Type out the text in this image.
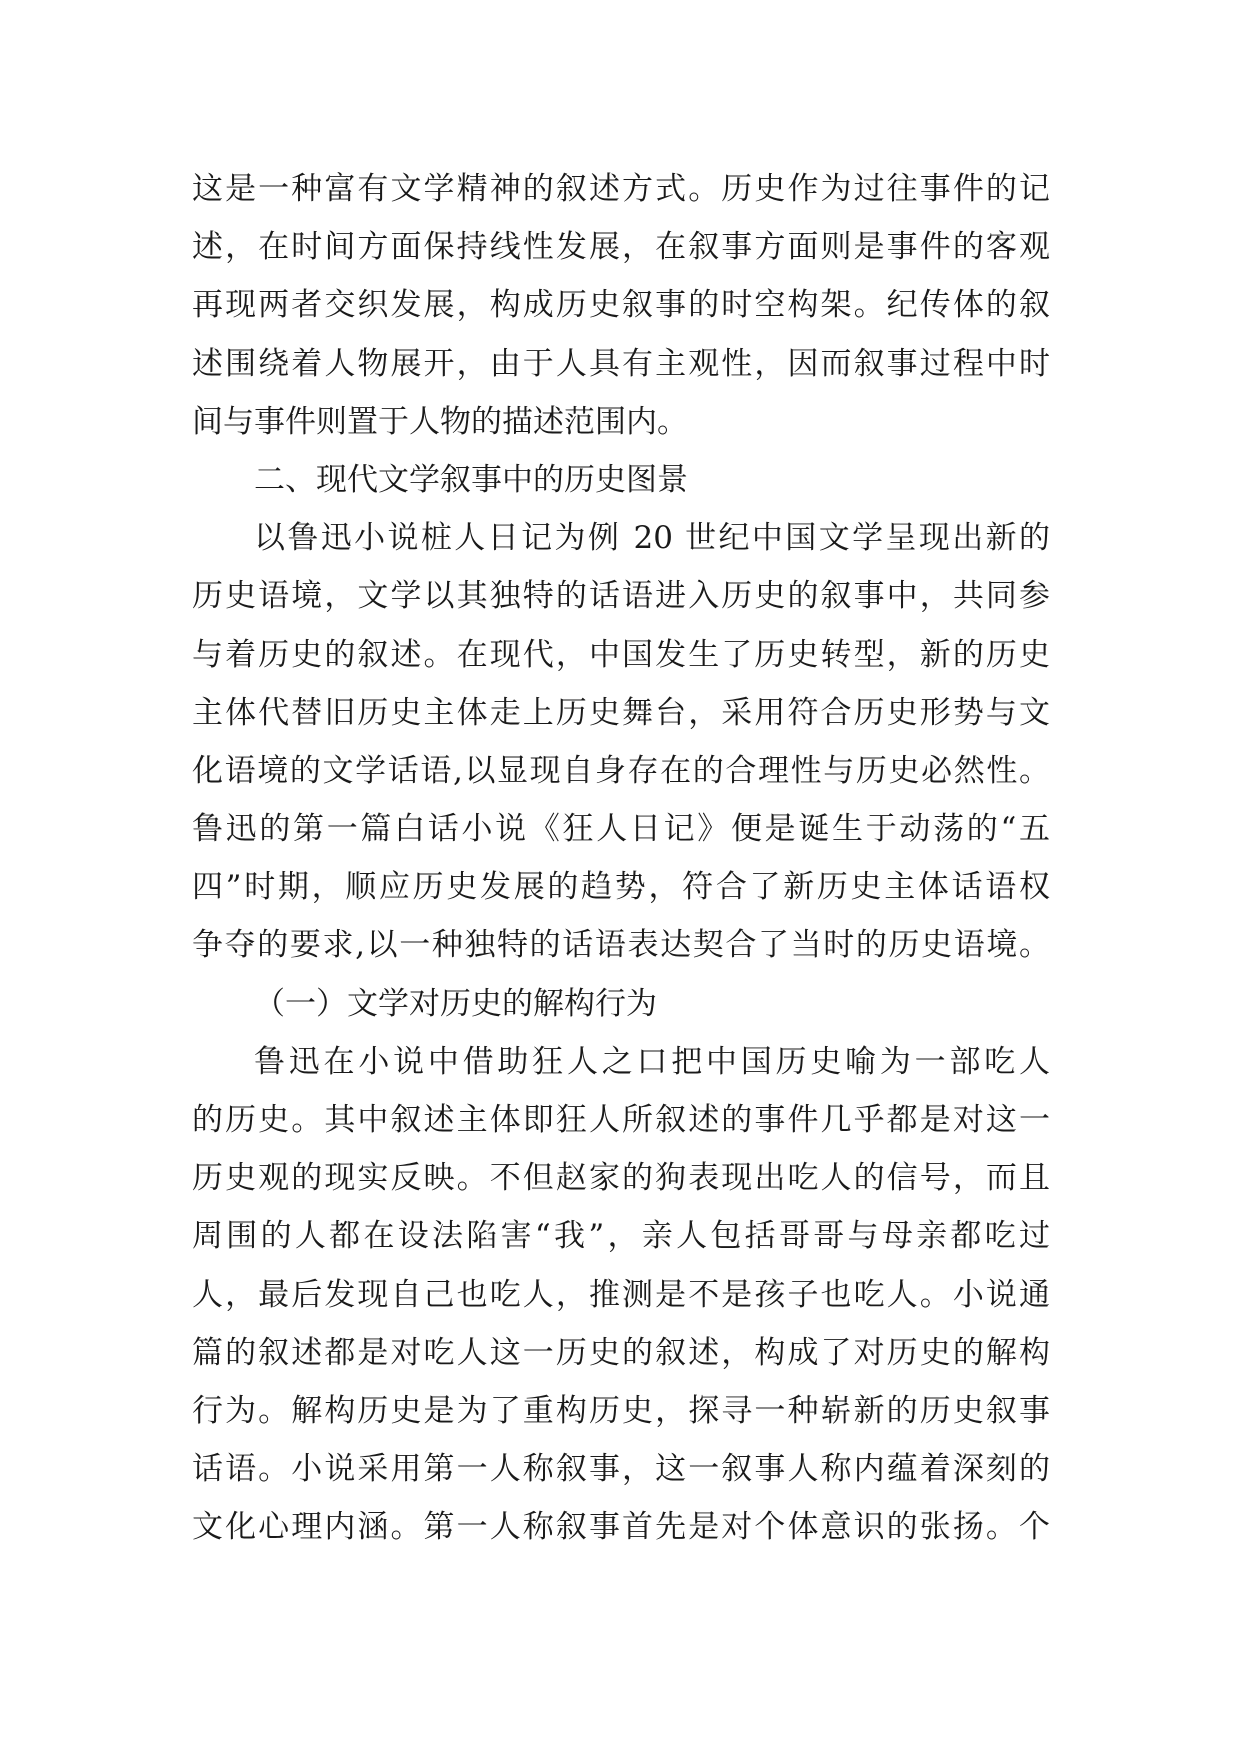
这是一种富有文学精神的叙述方式。历史作为过往事件的记
述，在时间方面保持线性发展，在叙事方面则是事件的客观
再现两者交织发展，构成历史叙事的时空构架。纪传体的叙
述围绕着人物展开，由于人具有主观性，因而叙事过程中时
间与事件则置于人物的描述范围内。
二、现代文学叙事中的历史图景
以鲁迅小说桩人日记为例 20 世纪中国文学呈现出新的
历史语境，文学以其独特的话语进入历史的叙事中，共同参
与着历史的叙述。在现代，中国发生了历史转型，新的历史
主体代替旧历史主体走上历史舞台，采用符合历史形势与文
化语境的文学话语,以显现自身存在的合理性与历史必然性。
鲁迅的第一篇白话小说《狂人日记》便是诞生于动荡的“五
四”时期，顺应历史发展的趋势，符合了新历史主体话语权
争夺的要求,以一种独特的话语表达契合了当时的历史语境。
（一）文学对历史的解构行为
鲁迅在小说中借助狂人之口把中国历史喻为一部吃人
的历史。其中叙述主体即狂人所叙述的事件几乎都是对这一
历史观的现实反映。不但赵家的狗表现出吃人的信号，而且
周围的人都在设法陷害“我”，亲人包括哥哥与母亲都吃过
人，最后发现自己也吃人，推测是不是孩子也吃人。小说通
篇的叙述都是对吃人这一历史的叙述，构成了对历史的解构
行为。解构历史是为了重构历史，探寻一种崭新的历史叙事
话语。小说采用第一人称叙事，这一叙事人称内蕴着深刻的
文化心理内涵。第一人称叙事首先是对个体意识的张扬。个
